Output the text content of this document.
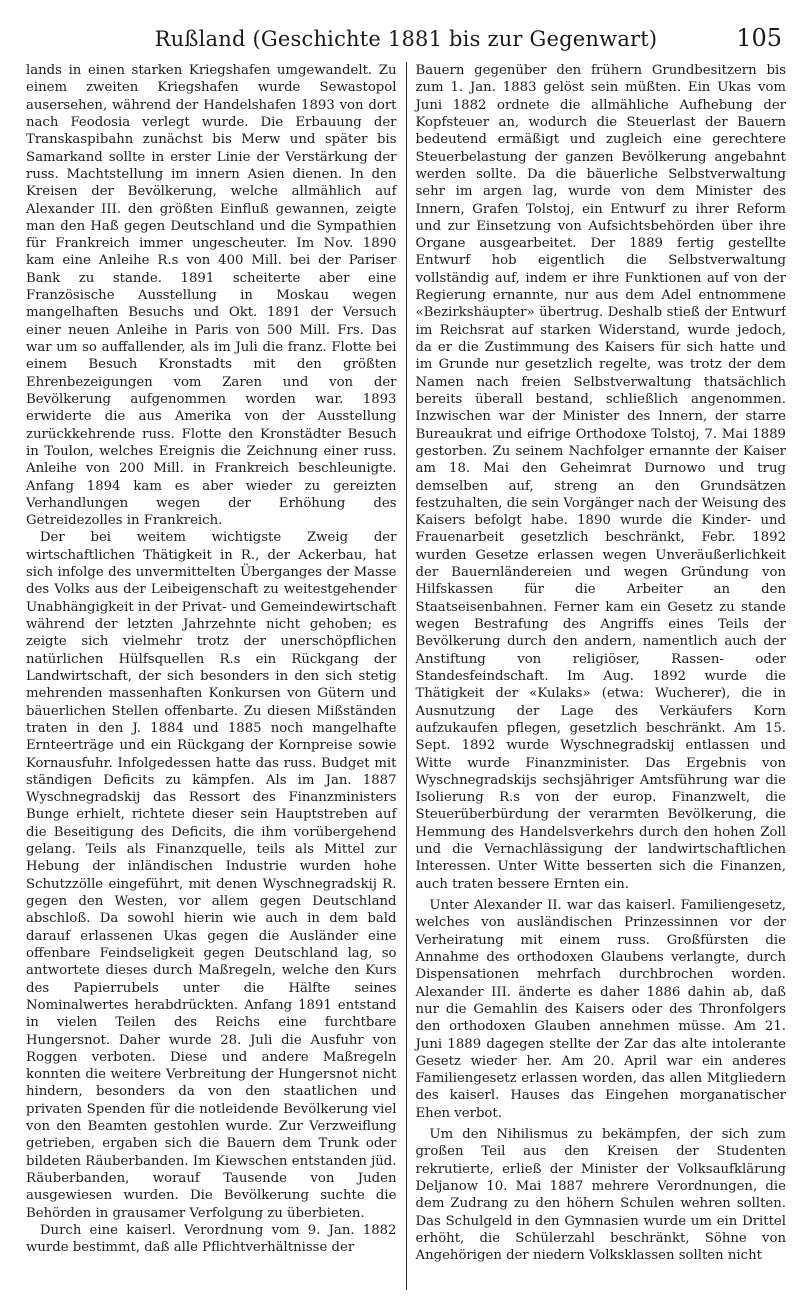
Rußland (Geschichte 1881 bis zur Gegenwart)	105

lands in einen starken Kriegshafen umgewandelt. Zu einem zweiten Kriegshafen wurde Sewastopol ausersehen, während der Handelshafen 1893 von dort nach Feodosia verlegt wurde. Die Erbauung der Transkaspibahn zunächst bis Merw und später bis Samarkand sollte in erster Linie der Verstärkung der russ. Machtstellung im innern Asien dienen. In den Kreisen der Bevölkerung, welche allmählich auf Alexander III. den größten Einfluß gewannen, zeigte man den Haß gegen Deutschland und die Sympathien für Frankreich immer ungescheuter. Im Nov. 1890 kam eine Anleihe R.s von 400 Mill. bei der Pariser Bank zu stande. 1891 scheiterte aber eine Französische Ausstellung in Moskau wegen mangelhaften Besuchs und Okt. 1891 der Versuch einer neuen Anleihe in Paris von 500 Mill. Frs. Das war um so auffallender, als im Juli die franz. Flotte bei einem Besuch Kronstadts mit den größten Ehrenbezeigungen vom Zaren und von der Bevölkerung aufgenommen worden war. 1893 erwiderte die aus Amerika von der Ausstellung zurückkehrende russ. Flotte den Kronstädter Besuch in Toulon, welches Ereignis die Zeichnung einer russ. Anleihe von 200 Mill. in Frankreich beschleunigte. Anfang 1894 kam es aber wieder zu gereizten Verhandlungen wegen der Erhöhung des Getreidezolles in Frankreich.

Der bei weitem wichtigste Zweig der wirtschaftlichen Thätigkeit in R., der Ackerbau, hat sich infolge des unvermittelten Überganges der Masse des Volks aus der Leibeigenschaft zu weitestgehender Unabhängigkeit in der Privat- und Gemeindewirtschaft während der letzten Jahrzehnte nicht gehoben; es zeigte sich vielmehr trotz der unerschöpflichen natürlichen Hülfsquellen R.s ein Rückgang der Landwirtschaft, der sich besonders in den sich stetig mehrenden massenhaften Konkursen von Gütern und bäuerlichen Stellen offenbarte. Zu diesen Mißständen traten in den J. 1884 und 1885 noch mangelhafte Ernteerträge und ein Rückgang der Kornpreise sowie Kornausfuhr. Infolgedessen hatte das russ. Budget mit ständigen Deficits zu kämpfen. Als im Jan. 1887 Wyschnegradskij das Ressort des Finanzministers Bunge erhielt, richtete dieser sein Hauptstreben auf die Beseitigung des Deficits, die ihm vorübergehend gelang. Teils als Finanzquelle, teils als Mittel zur Hebung der inländischen Industrie wurden hohe Schutzzölle eingeführt, mit denen Wyschnegradskij R. gegen den Westen, vor allem gegen Deutschland abschloß. Da sowohl hierin wie auch in dem bald darauf erlassenen Ukas gegen die Ausländer eine offenbare Feindseligkeit gegen Deutschland lag, so antwortete dieses durch Maßregeln, welche den Kurs des Papierrubels unter die Hälfte seines Nominalwertes herabdrückten. Anfang 1891 entstand in vielen Teilen des Reichs eine furchtbare Hungersnot. Daher wurde 28. Juli die Ausfuhr von Roggen verboten. Diese und andere Maßregeln konnten die weitere Verbreitung der Hungersnot nicht hindern, besonders da von den staatlichen und privaten Spenden für die notleidende Bevölkerung viel von den Beamten gestohlen wurde. Zur Verzweiflung getrieben, ergaben sich die Bauern dem Trunk oder bildeten Räuberbanden. Im Kiewschen entstanden jüd. Räuberbanden, worauf Tausende von Juden ausgewiesen wurden. Die Bevölkerung suchte die Behörden in grausamer Verfolgung zu überbieten.

Durch eine kaiserl. Verordnung vom 9. Jan. 1882 wurde bestimmt, daß alle Pflichtverhältnisse der

Bauern gegenüber den frühern Grundbesitzern bis zum 1. Jan. 1883 gelöst sein müßten. Ein Ukas vom Juni 1882 ordnete die allmähliche Aufhebung der Kopfsteuer an, wodurch die Steuerlast der Bauern bedeutend ermäßigt und zugleich eine gerechtere Steuerbelastung der ganzen Bevölkerung angebahnt werden sollte. Da die bäuerliche Selbstverwaltung sehr im argen lag, wurde von dem Minister des Innern, Grafen Tolstoj, ein Entwurf zu ihrer Reform und zur Einsetzung von Aufsichtsbehörden über ihre Organe ausgearbeitet. Der 1889 fertig gestellte Entwurf hob eigentlich die Selbstverwaltung vollständig auf, indem er ihre Funktionen auf von der Regierung ernannte, nur aus dem Adel entnommene «Bezirkshäupter» übertrug. Deshalb stieß der Entwurf im Reichsrat auf starken Widerstand, wurde jedoch, da er die Zustimmung des Kaisers für sich hatte und im Grunde nur gesetzlich regelte, was trotz der dem Namen nach freien Selbstverwaltung thatsächlich bereits überall bestand, schließlich angenommen. Inzwischen war der Minister des Innern, der starre Bureaukrat und eifrige Orthodoxe Tolstoj, 7. Mai 1889 gestorben. Zu seinem Nachfolger ernannte der Kaiser am 18. Mai den Geheimrat Durnowo und trug demselben auf, streng an den Grundsätzen festzuhalten, die sein Vorgänger nach der Weisung des Kaisers befolgt habe. 1890 wurde die Kinder- und Frauenarbeit gesetzlich beschränkt, Febr. 1892 wurden Gesetze erlassen wegen Unveräußerlichkeit der Bauernländereien und wegen Gründung von Hilfskassen für die Arbeiter an den Staatseisenbahnen. Ferner kam ein Gesetz zu stande wegen Bestrafung des Angriffs eines Teils der Bevölkerung durch den andern, namentlich auch der Anstiftung von religiöser, Rassen- oder Standesfeindschaft. Im Aug. 1892 wurde die Thätigkeit der «Kulaks» (etwa: Wucherer), die in Ausnutzung der Lage des Verkäufers Korn aufzukaufen pflegen, gesetzlich beschränkt. Am 15. Sept. 1892 wurde Wyschnegradskij entlassen und Witte wurde Finanzminister. Das Ergebnis von Wyschnegradskijs sechsjähriger Amtsführung war die Isolierung R.s von der europ. Finanzwelt, die Steuerüberbürdung der verarmten Bevölkerung, die Hemmung des Handelsverkehrs durch den hohen Zoll und die Vernachlässigung der landwirtschaftlichen Interessen. Unter Witte besserten sich die Finanzen, auch traten bessere Ernten ein.

Unter Alexander II. war das kaiserl. Familiengesetz, welches von ausländischen Prinzessinnen vor der Verheiratung mit einem russ. Großfürsten die Annahme des orthodoxen Glaubens verlangte, durch Dispensationen mehrfach durchbrochen worden. Alexander III. änderte es daher 1886 dahin ab, daß nur die Gemahlin des Kaisers oder des Thronfolgers den orthodoxen Glauben annehmen müsse. Am 21. Juni 1889 dagegen stellte der Zar das alte intolerante Gesetz wieder her. Am 20. April war ein anderes Familiengesetz erlassen worden, das allen Mitgliedern des kaiserl. Hauses das Eingehen morganatischer Ehen verbot.

Um den Nihilismus zu bekämpfen, der sich zum großen Teil aus den Kreisen der Studenten rekrutierte, erließ der Minister der Volksaufklärung Deljanow 10. Mai 1887 mehrere Verordnungen, die dem Zudrang zu den höhern Schulen wehren sollten. Das Schulgeld in den Gymnasien wurde um ein Drittel erhöht, die Schülerzahl beschränkt, Söhne von Angehörigen der niedern Volksklassen sollten nicht
